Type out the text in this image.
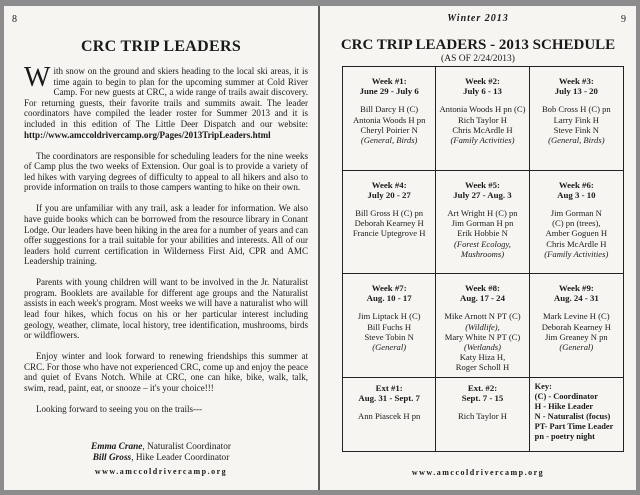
8
CRC TRIP LEADERS

With snow on the ground and skiers heading to the local ski areas, it is time again to begin to plan for the upcoming summer at Cold River Camp. For new guests at CRC, a wide range of trails await discovery. For returning guests, their favorite trails and summits await. The leader coordinators have compiled the leader roster for Summer 2013 and it is included in this edition of The Little Deer Dispatch and our website: http://www.amccoldrivercamp.org/Pages/2013TripLeaders.html

The coordinators are responsible for scheduling leaders for the nine weeks of Camp plus the two weeks of Extension. Our goal is to provide a variety of led hikes with varying degrees of difficulty to appeal to all hikers and also to provide information on trails to those campers wanting to hike on their own.

If you are unfamiliar with any trail, ask a leader for information. We also have guide books which can be borrowed from the resource library in Conant Lodge. Our leaders have been hiking in the area for a number of years and can offer suggestions for a trail suitable for your abilities and interests. All of our leaders hold current certification in Wilderness First Aid, CPR and AMC Leadership training.

Parents with young children will want to be involved in the Jr. Naturalist program. Booklets are available for different age groups and the Naturalist assists in each week's program. Most weeks we will have a naturalist who will lead four hikes, which focus on his or her particular interest including geology, weather, climate, local history, tree identification, mushrooms, birds or wildflowers.

Enjoy winter and look forward to renewing friendships this summer at CRC. For those who have not experienced CRC, come up and enjoy the peace and quiet of Evans Notch. While at CRC, one can hike, bike, walk, talk, swim, read, paint, eat, or snooze – it's your choice!!!

Looking forward to seeing you on the trails---

Emma Crane, Naturalist Coordinator
Bill Gross, Hike Leader Coordinator
www.amccoldrivercamp.org
Winter 2013	9
CRC TRIP LEADERS - 2013 SCHEDULE
(AS OF 2/24/2013)
Week #1:
June 29 - July 6
Bill Darcy H (C)
Antonia Woods H pn
Cheryl Poirier N
(General, Birds)
Week #2:
July 6 - 13
Antonia Woods H pn (C)
Rich Taylor H
Chris McArdle H
(Family Activities)
Week #3:
July 13 - 20
Bob Cross H (C) pn
Larry Fink H
Steve Fink N
(General, Birds)
Week #4:
July 20 - 27
Bill Gross H (C) pn
Deborah Kearney H
Francie Uptegrove H
Week #5:
July 27 - Aug. 3
Art Wright H (C) pn
Jim Gorman H pn
Erik Hobbie N
(Forest Ecology, Mushrooms)
Week #6:
Aug 3 - 10
Jim Gorman N
(C) pn (trees),
Amber Goguen H
Chris McArdle H
(Family Activities)
Week #7:
Aug. 10 - 17
Jim Liptack H (C)
Bill Fuchs H
Steve Tobin N
(General)
Week #8:
Aug. 17 - 24
Mike Arnott N PT (C)
(Wildlife),
Mary White N PT (C)
(Wetlands)
Katy Hiza H,
Roger Scholl H
Week #9:
Aug. 24 - 31
Mark Levine H (C)
Deborah Kearney H
Jim Greaney N pn
(General)
Ext #1:
Aug. 31 - Sept. 7
Ann Piascek H pn
Ext. #2:
Sept. 7 - 15
Rich Taylor H
Key:
(C) - Coordinator
H - Hike Leader
N - Naturalist (focus)
PT- Part Time Leader
pn - poetry night
www.amccoldrivercamp.org
